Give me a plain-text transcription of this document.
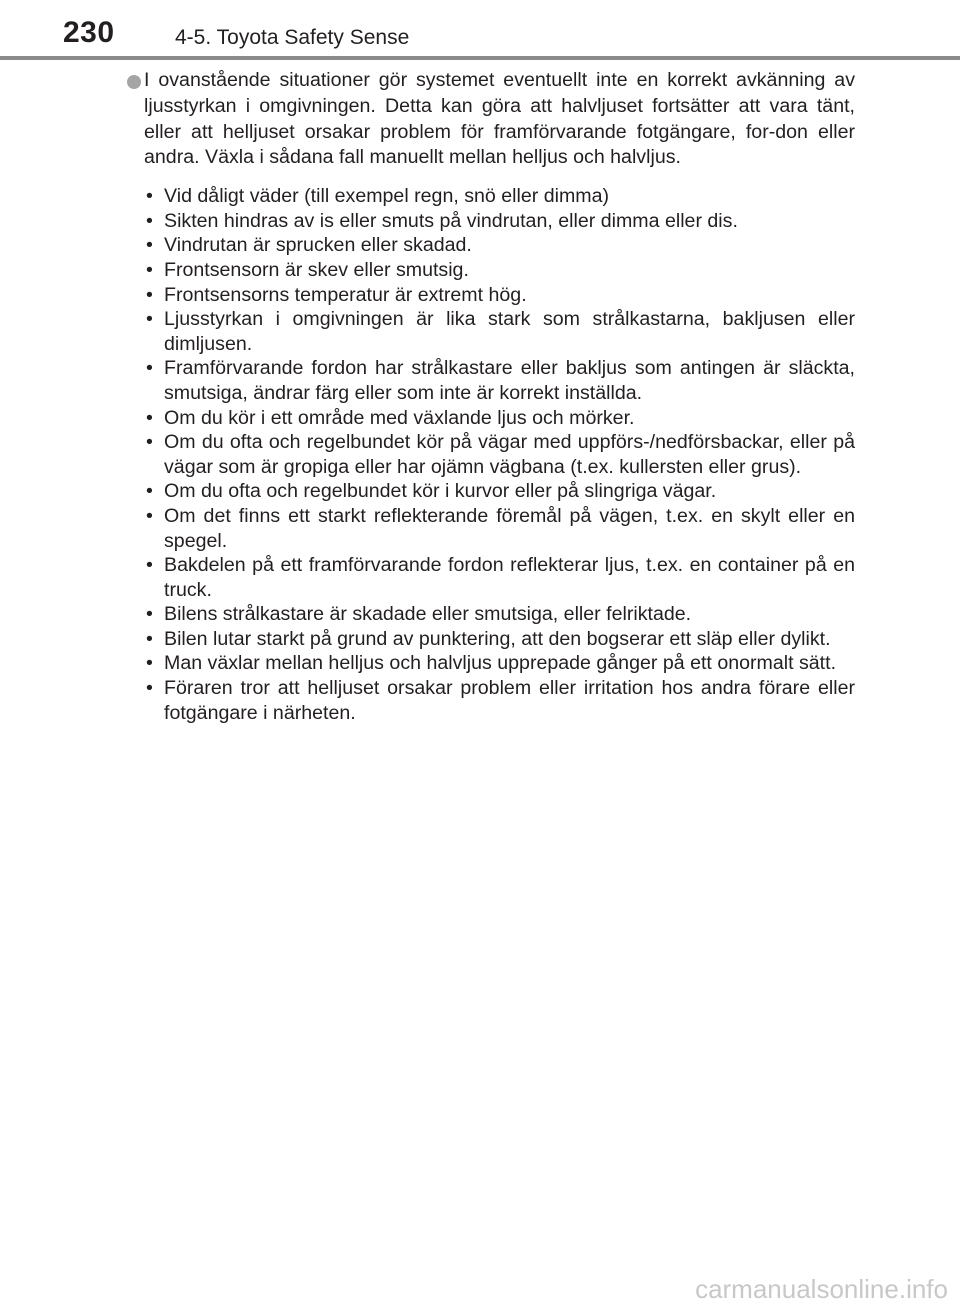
230	4-5. Toyota Safety Sense

I ovanstående situationer gör systemet eventuellt inte en korrekt avkänning av ljusstyrkan i omgivningen. Detta kan göra att halvljuset fortsätter att vara tänt, eller att helljuset orsakar problem för framförvarande fotgängare, for-don eller andra. Växla i sådana fall manuellt mellan helljus och halvljus.

• Vid dåligt väder (till exempel regn, snö eller dimma)
• Sikten hindras av is eller smuts på vindrutan, eller dimma eller dis.
• Vindrutan är sprucken eller skadad.
• Frontsensorn är skev eller smutsig.
• Frontsensorns temperatur är extremt hög.
• Ljusstyrkan i omgivningen är lika stark som strålkastarna, bakljusen eller dimljusen.
• Framförvarande fordon har strålkastare eller bakljus som antingen är släckta, smutsiga, ändrar färg eller som inte är korrekt inställda.
• Om du kör i ett område med växlande ljus och mörker.
• Om du ofta och regelbundet kör på vägar med uppförs-/nedförsbackar, eller på vägar som är gropiga eller har ojämn vägbana (t.ex. kullersten eller grus).
• Om du ofta och regelbundet kör i kurvor eller på slingriga vägar.
• Om det finns ett starkt reflekterande föremål på vägen, t.ex. en skylt eller en spegel.
• Bakdelen på ett framförvarande fordon reflekterar ljus, t.ex. en container på en truck.
• Bilens strålkastare är skadade eller smutsiga, eller felriktade.
• Bilen lutar starkt på grund av punktering, att den bogserar ett släp eller dylikt.
• Man växlar mellan helljus och halvljus upprepade gånger på ett onormalt sätt.
• Föraren tror att helljuset orsakar problem eller irritation hos andra förare eller fotgängare i närheten.
carmanualsonline.info
